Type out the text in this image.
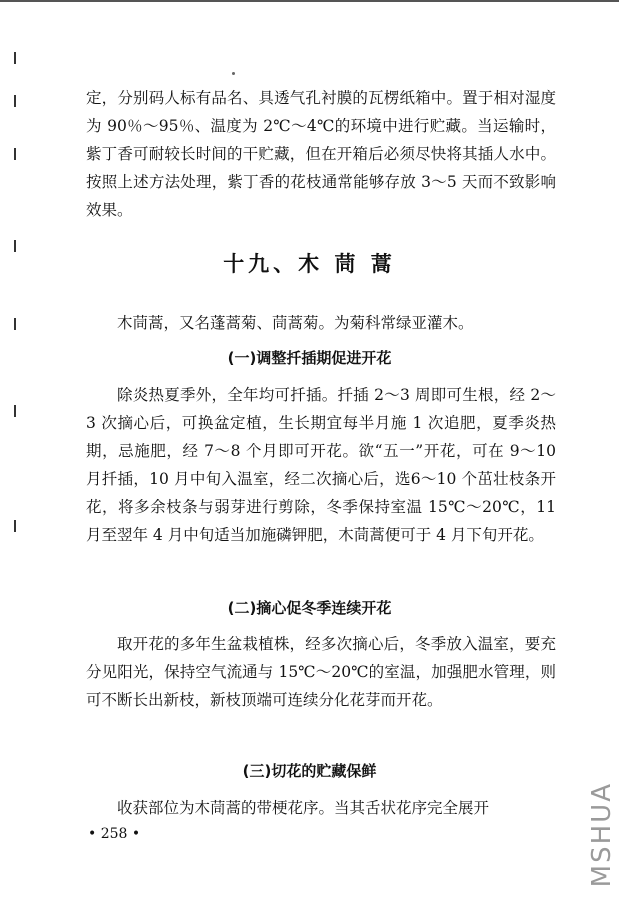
定，分别码人标有品名、具透气孔衬膜的瓦楞纸箱中。置于相对湿度为 90％～95％、温度为 2℃～4℃的环境中进行贮藏。当运输时，紫丁香可耐较长时间的干贮藏，但在开箱后必须尽快将其插人水中。按照上述方法处理，紫丁香的花枝通常能够存放 3～5 天而不致影响效果。

十九、木 茼 蒿

木茼蒿，又名蓬蒿菊、茼蒿菊。为菊科常绿亚灌木。

(一)调整扦插期促进开花

除炎热夏季外，全年均可扦插。扦插 2～3 周即可生根，经 2～3 次摘心后，可换盆定植，生长期宜每半月施 1 次追肥，夏季炎热期，忌施肥，经 7～8 个月即可开花。欲“五一”开花，可在 9～10 月扦插，10 月中旬入温室，经二次摘心后，选6～10 个茁壮枝条开花，将多余枝条与弱芽进行剪除，冬季保持室温 15℃～20℃，11 月至翌年 4 月中旬适当加施磷钾肥，木茼蒿便可于 4 月下旬开花。

(二)摘心促冬季连续开花

取开花的多年生盆栽植株，经多次摘心后，冬季放入温室，要充分见阳光，保持空气流通与 15℃～20℃的室温，加强肥水管理，则可不断长出新枝，新枝顶端可连续分化花芽而开花。

(三)切花的贮藏保鲜

收获部位为木茼蒿的带梗花序。当其舌状花序完全展开

• 258 •	MSHUA
